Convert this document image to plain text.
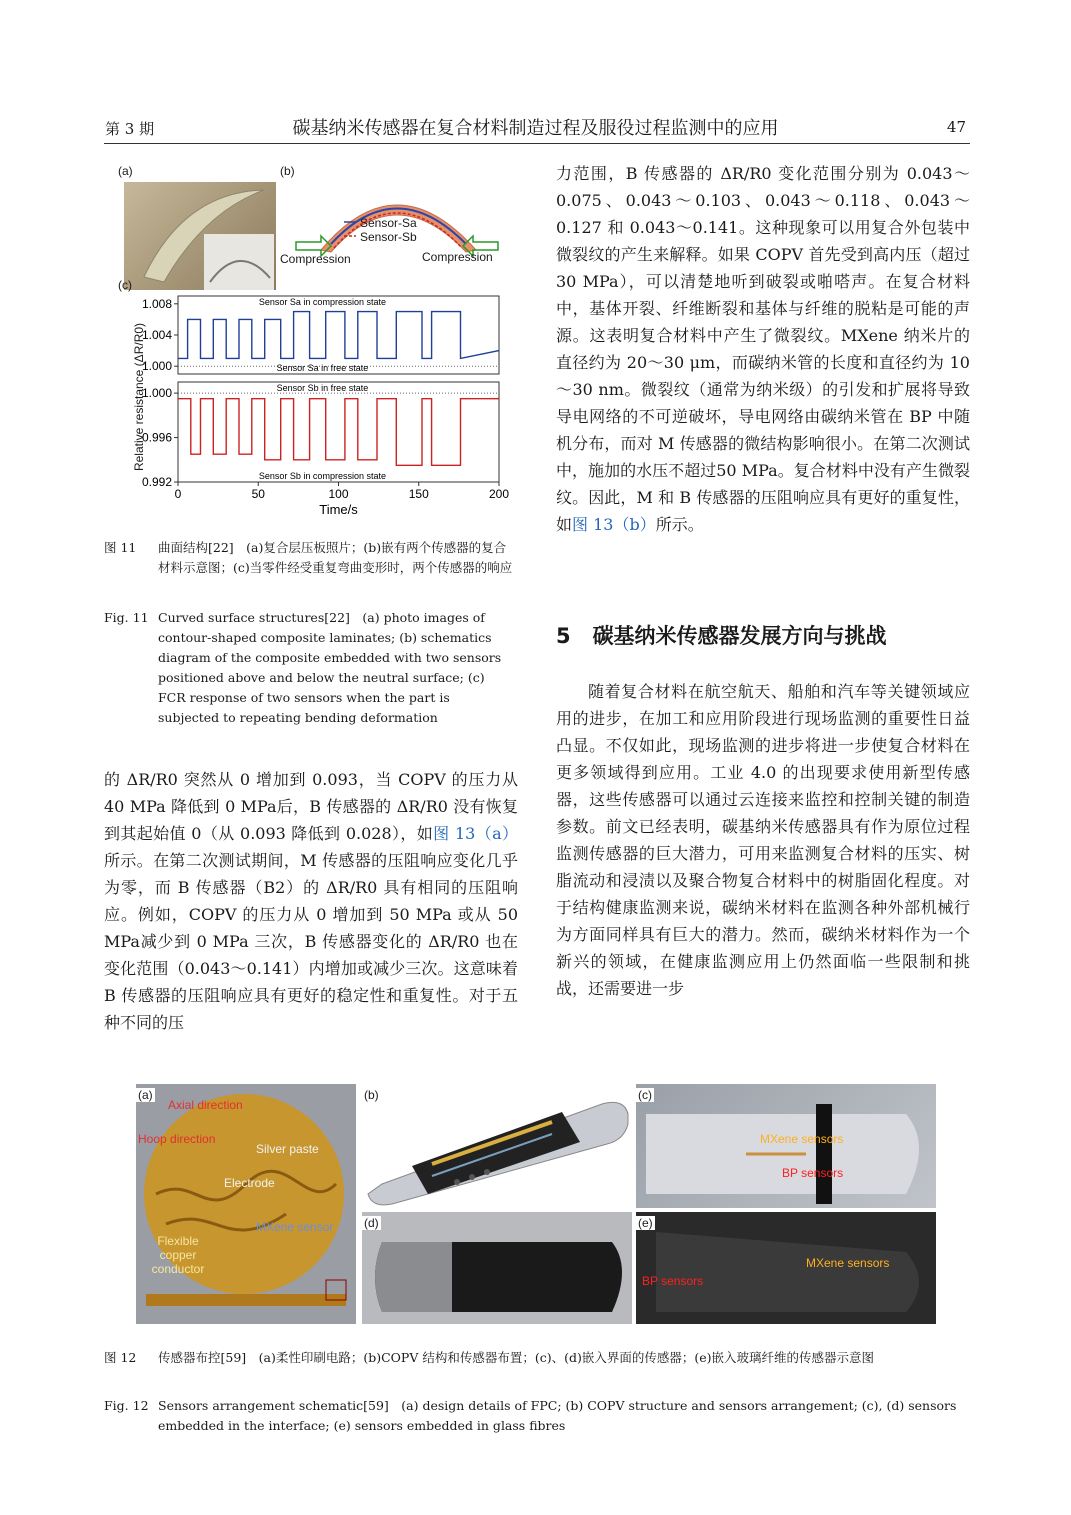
第 3 期	碳基纳米传感器在复合材料制造过程及服役过程监测中的应用	47
(a)	(b)
Sensor-Sa
Sensor-Sb
Compression	Compression
(c)
1.000
1.004
1.008	Sensor Sa in compression state
Sensor Sa in free state
0.992
0.996
1.000	Sensor Sb in free state
Sensor Sb in compression state
0	50	100	150	200
Time/s
Relative resistance (ΔR/R0)
图 11 曲面结构[22]　(a)复合层压板照片；(b)嵌有两个传感器的复合材料示意图；(c)当零件经受重复弯曲变形时，两个传感器的响应
Fig. 11 Curved surface structures[22]　(a) photo images of contour-shaped composite laminates; (b) schematics diagram of the composite embedded with two sensors positioned above and below the neutral surface; (c) FCR response of two sensors when the part is subjected to repeating bending deformation

的 ΔR/R0 突然从 0 增加到 0.093，当 COPV 的压力从 40 MPa 降低到 0 MPa后，B 传感器的 ΔR/R0 没有恢复到其起始值 0（从 0.093 降低到 0.028），如图 13（a）所示。在第二次测试期间，M 传感器的压阻响应变化几乎为零，而 B 传感器（B2）的 ΔR/R0 具有相同的压阻响应。例如，COPV 的压力从 0 增加到 50 MPa 或从 50 MPa减少到 0 MPa 三次，B 传感器变化的 ΔR/R0 也在变化范围（0.043～0.141）内增加或减少三次。这意味着 B 传感器的压阻响应具有更好的稳定性和重复性。对于五种不同的压

力范围，B 传感器的 ΔR/R0 变化范围分别为 0.043～0.075、0.043～0.103、0.043～0.118、0.043～0.127 和 0.043～0.141。这种现象可以用复合外包装中微裂纹的产生来解释。如果 COPV 首先受到高内压（超过 30 MPa），可以清楚地听到破裂或啪嗒声。在复合材料中，基体开裂、纤维断裂和基体与纤维的脱粘是可能的声源。这表明复合材料中产生了微裂纹。MXene 纳米片的直径约为 20～30 μm，而碳纳米管的长度和直径约为 10～30 nm。微裂纹（通常为纳米级）的引发和扩展将导致导电网络的不可逆破坏，导电网络由碳纳米管在 BP 中随机分布，而对 M 传感器的微结构影响很小。在第二次测试中，施加的水压不超过50 MPa。复合材料中没有产生微裂纹。因此，M 和 B 传感器的压阻响应具有更好的重复性，如图 13（b）所示。

5 碳基纳米传感器发展方向与挑战

随着复合材料在航空航天、船舶和汽车等关键领域应用的进步，在加工和应用阶段进行现场监测的重要性日益凸显。不仅如此，现场监测的进步将进一步使复合材料在更多领域得到应用。工业 4.0 的出现要求使用新型传感器，这些传感器可以通过云连接来监控和控制关键的制造参数。前文已经表明，碳基纳米传感器具有作为原位过程监测传感器的巨大潜力，可用来监测复合材料的压实、树脂流动和浸渍以及聚合物复合材料中的树脂固化程度。对于结构健康监测来说，碳纳米材料在监测各种外部机械行为方面同样具有巨大的潜力。然而，碳纳米材料作为一个新兴的领域，在健康监测应用上仍然面临一些限制和挑战，还需要进一步

(a)
Axial direction
Hoop direction
Silver paste
Electrode
MXene sensor
Flexible copper conductor
(b)	(c)
MXene sensors
BP sensors
(d)	(e)
MXene sensors
BP sensors
图 12 传感器布控[59]　(a)柔性印刷电路；(b)COPV 结构和传感器布置；(c)、(d)嵌入界面的传感器；(e)嵌入玻璃纤维的传感器示意图
Fig. 12 Sensors arrangement schematic[59]　(a) design details of FPC; (b) COPV structure and sensors arrangement; (c), (d) sensors embedded in the interface; (e) sensors embedded in glass fibres
